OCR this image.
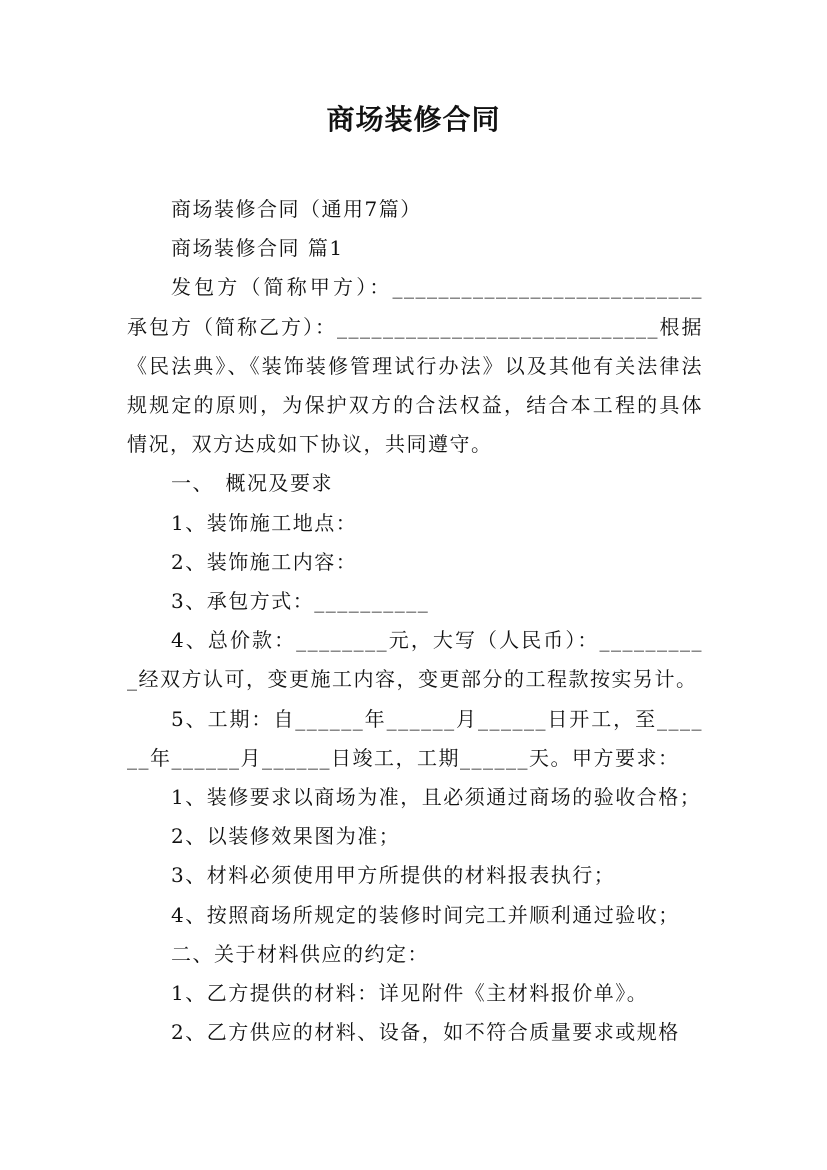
商场装修合同

商场装修合同（通用7篇）

商场装修合同 篇1

发包方（简称甲方）：___________________________承包方（简称乙方）：____________________________根据《民法典》、《装饰装修管理试行办法》以及其他有关法律法规规定的原则，为保护双方的合法权益，结合本工程的具体情况，双方达成如下协议，共同遵守。

一、　概况及要求

1、装饰施工地点：

2、装饰施工内容：

3、承包方式：__________

4、总价款：________元，大写（人民币）：__________经双方认可，变更施工内容，变更部分的工程款按实另计。

5、工期：自______年______月______日开工，至______年______月______日竣工，工期______天。甲方要求：

1、装修要求以商场为准，且必须通过商场的验收合格；

2、以装修效果图为准；

3、材料必须使用甲方所提供的材料报表执行；

4、按照商场所规定的装修时间完工并顺利通过验收；

二、关于材料供应的约定：

1、乙方提供的材料：详见附件《主材料报价单》。

2、乙方供应的材料、设备，如不符合质量要求或规格
